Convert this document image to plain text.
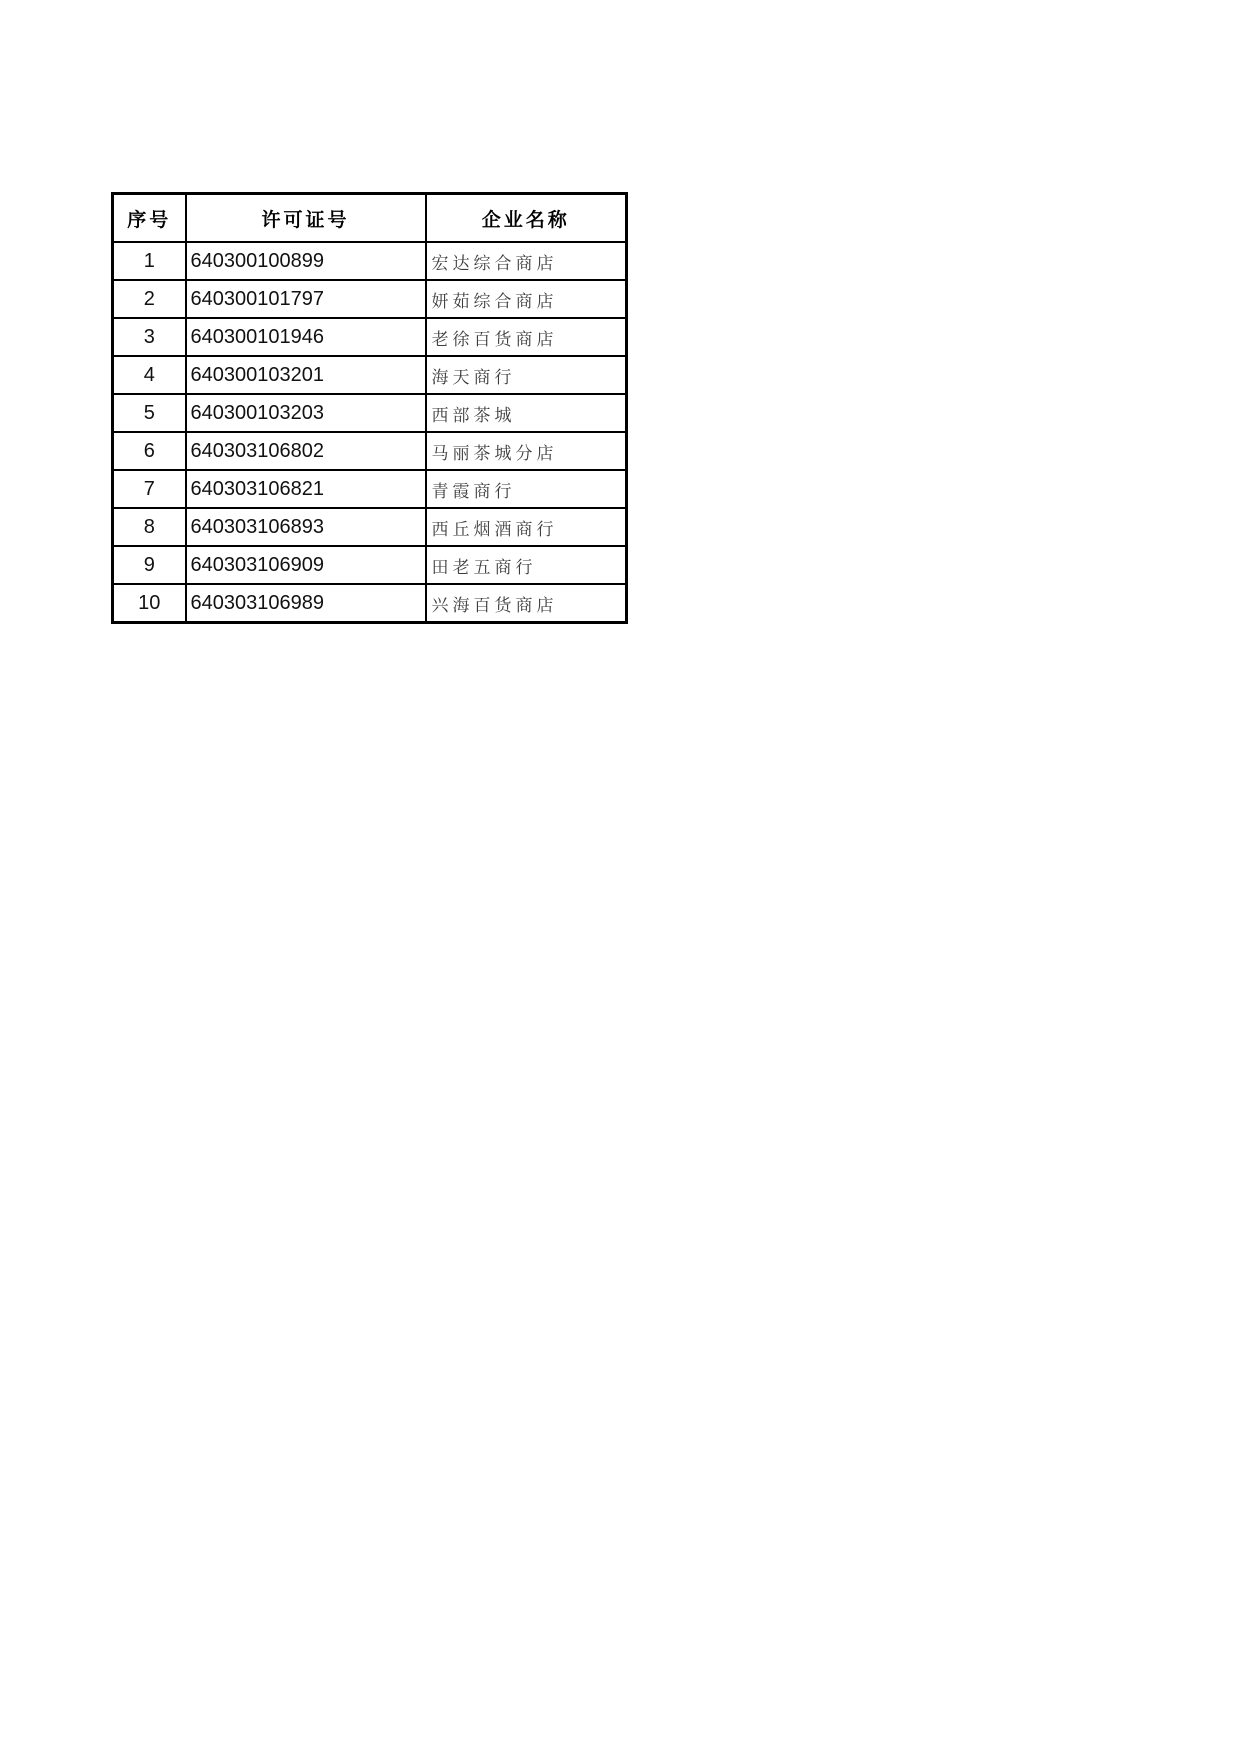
序号	许可证号	企业名称
1	640300100899	宏达综合商店
2	640300101797	妍茹综合商店
3	640300101946	老徐百货商店
4	640300103201	海天商行
5	640300103203	西部茶城
6	640303106802	马丽茶城分店
7	640303106821	青霞商行
8	640303106893	西丘烟酒商行
9	640303106909	田老五商行
10	640303106989	兴海百货商店
